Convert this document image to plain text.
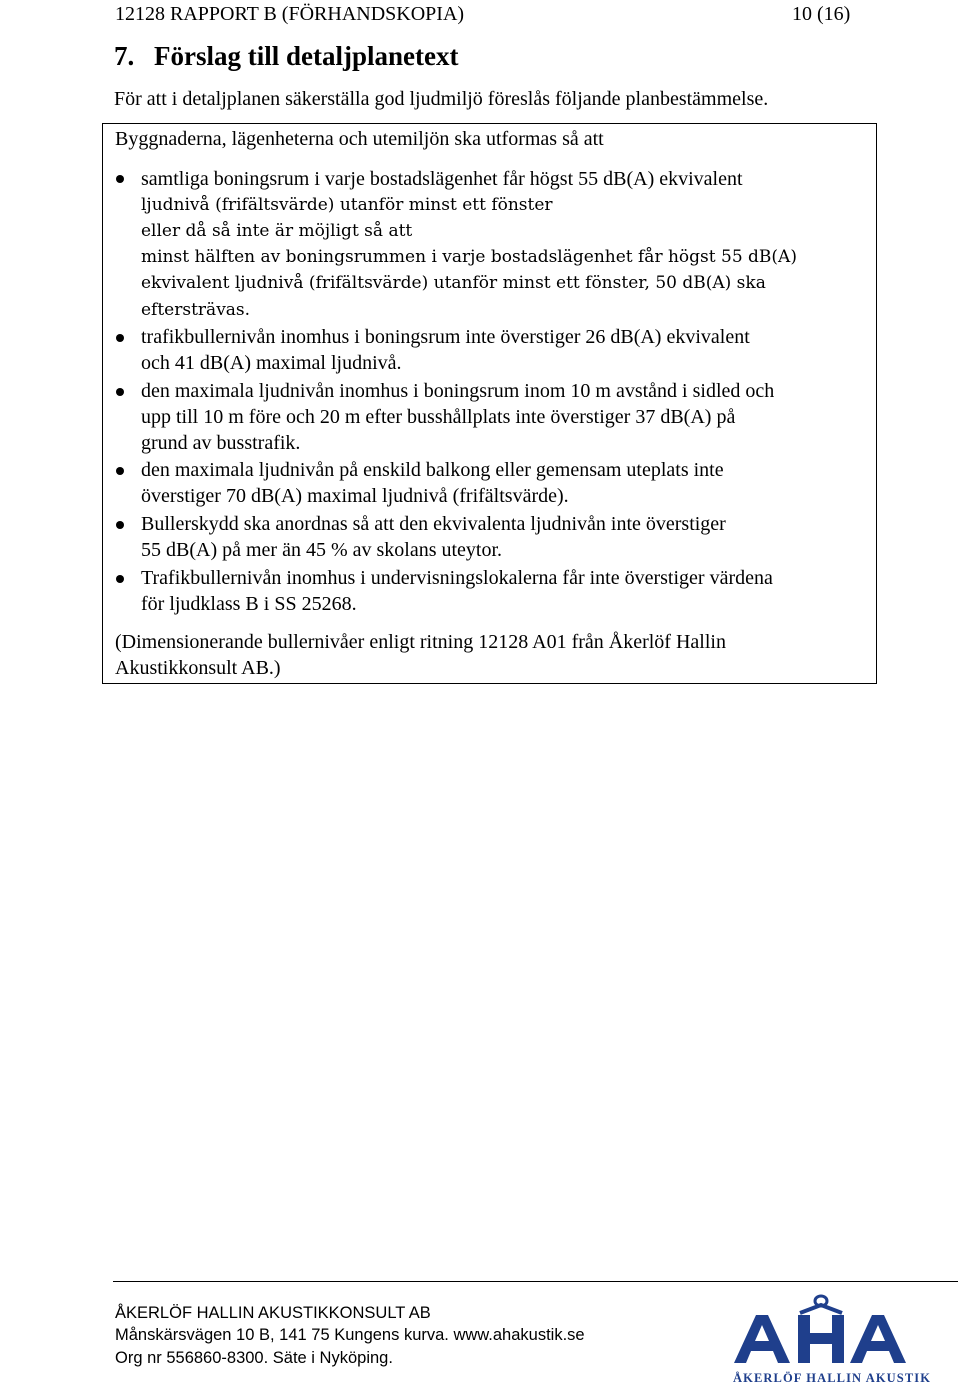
12128 RAPPORT B (FÖRHANDSKOPIA)	10 (16)
7. Förslag till detaljplanetext
För att i detaljplanen säkerställa god ljudmiljö föreslås följande planbestämmelse.
Byggnaderna, lägenheterna och utemiljön ska utformas så att
samtliga boningsrum i varje bostadslägenhet får högst 55 dB(A) ekvivalent
ljudnivå (frifältsvärde) utanför minst ett fönster
eller då så inte är möjligt så att
minst hälften av boningsrummen i varje bostadslägenhet får högst 55 dB(A)
ekvivalent ljudnivå (frifältsvärde) utanför minst ett fönster, 50 dB(A) ska
eftersträvas.
trafikbullernivån inomhus i boningsrum inte överstiger 26 dB(A) ekvivalent
och 41 dB(A) maximal ljudnivå.
den maximala ljudnivån inomhus i boningsrum inom 10 m avstånd i sidled och
upp till 10 m före och 20 m efter busshållplats inte överstiger 37 dB(A) på
grund av busstrafik.
den maximala ljudnivån på enskild balkong eller gemensam uteplats inte
överstiger 70 dB(A) maximal ljudnivå (frifältsvärde).
Bullerskydd ska anordnas så att den ekvivalenta ljudnivån inte överstiger
55 dB(A) på mer än 45 % av skolans uteytor.
Trafikbullernivån inomhus i undervisningslokalerna får inte överstiger värdena
för ljudklass B i SS 25268.
(Dimensionerande bullernivåer enligt ritning 12128 A01 från Åkerlöf Hallin
Akustikkonsult AB.)
ÅKERLÖF HALLIN AKUSTIKKONSULT AB
Månskärsvägen 10 B, 141 75 Kungens kurva. www.ahakustik.se
Org nr 556860-8300. Säte i Nyköping.
ÅKERLÖF HALLIN AKUSTIK
